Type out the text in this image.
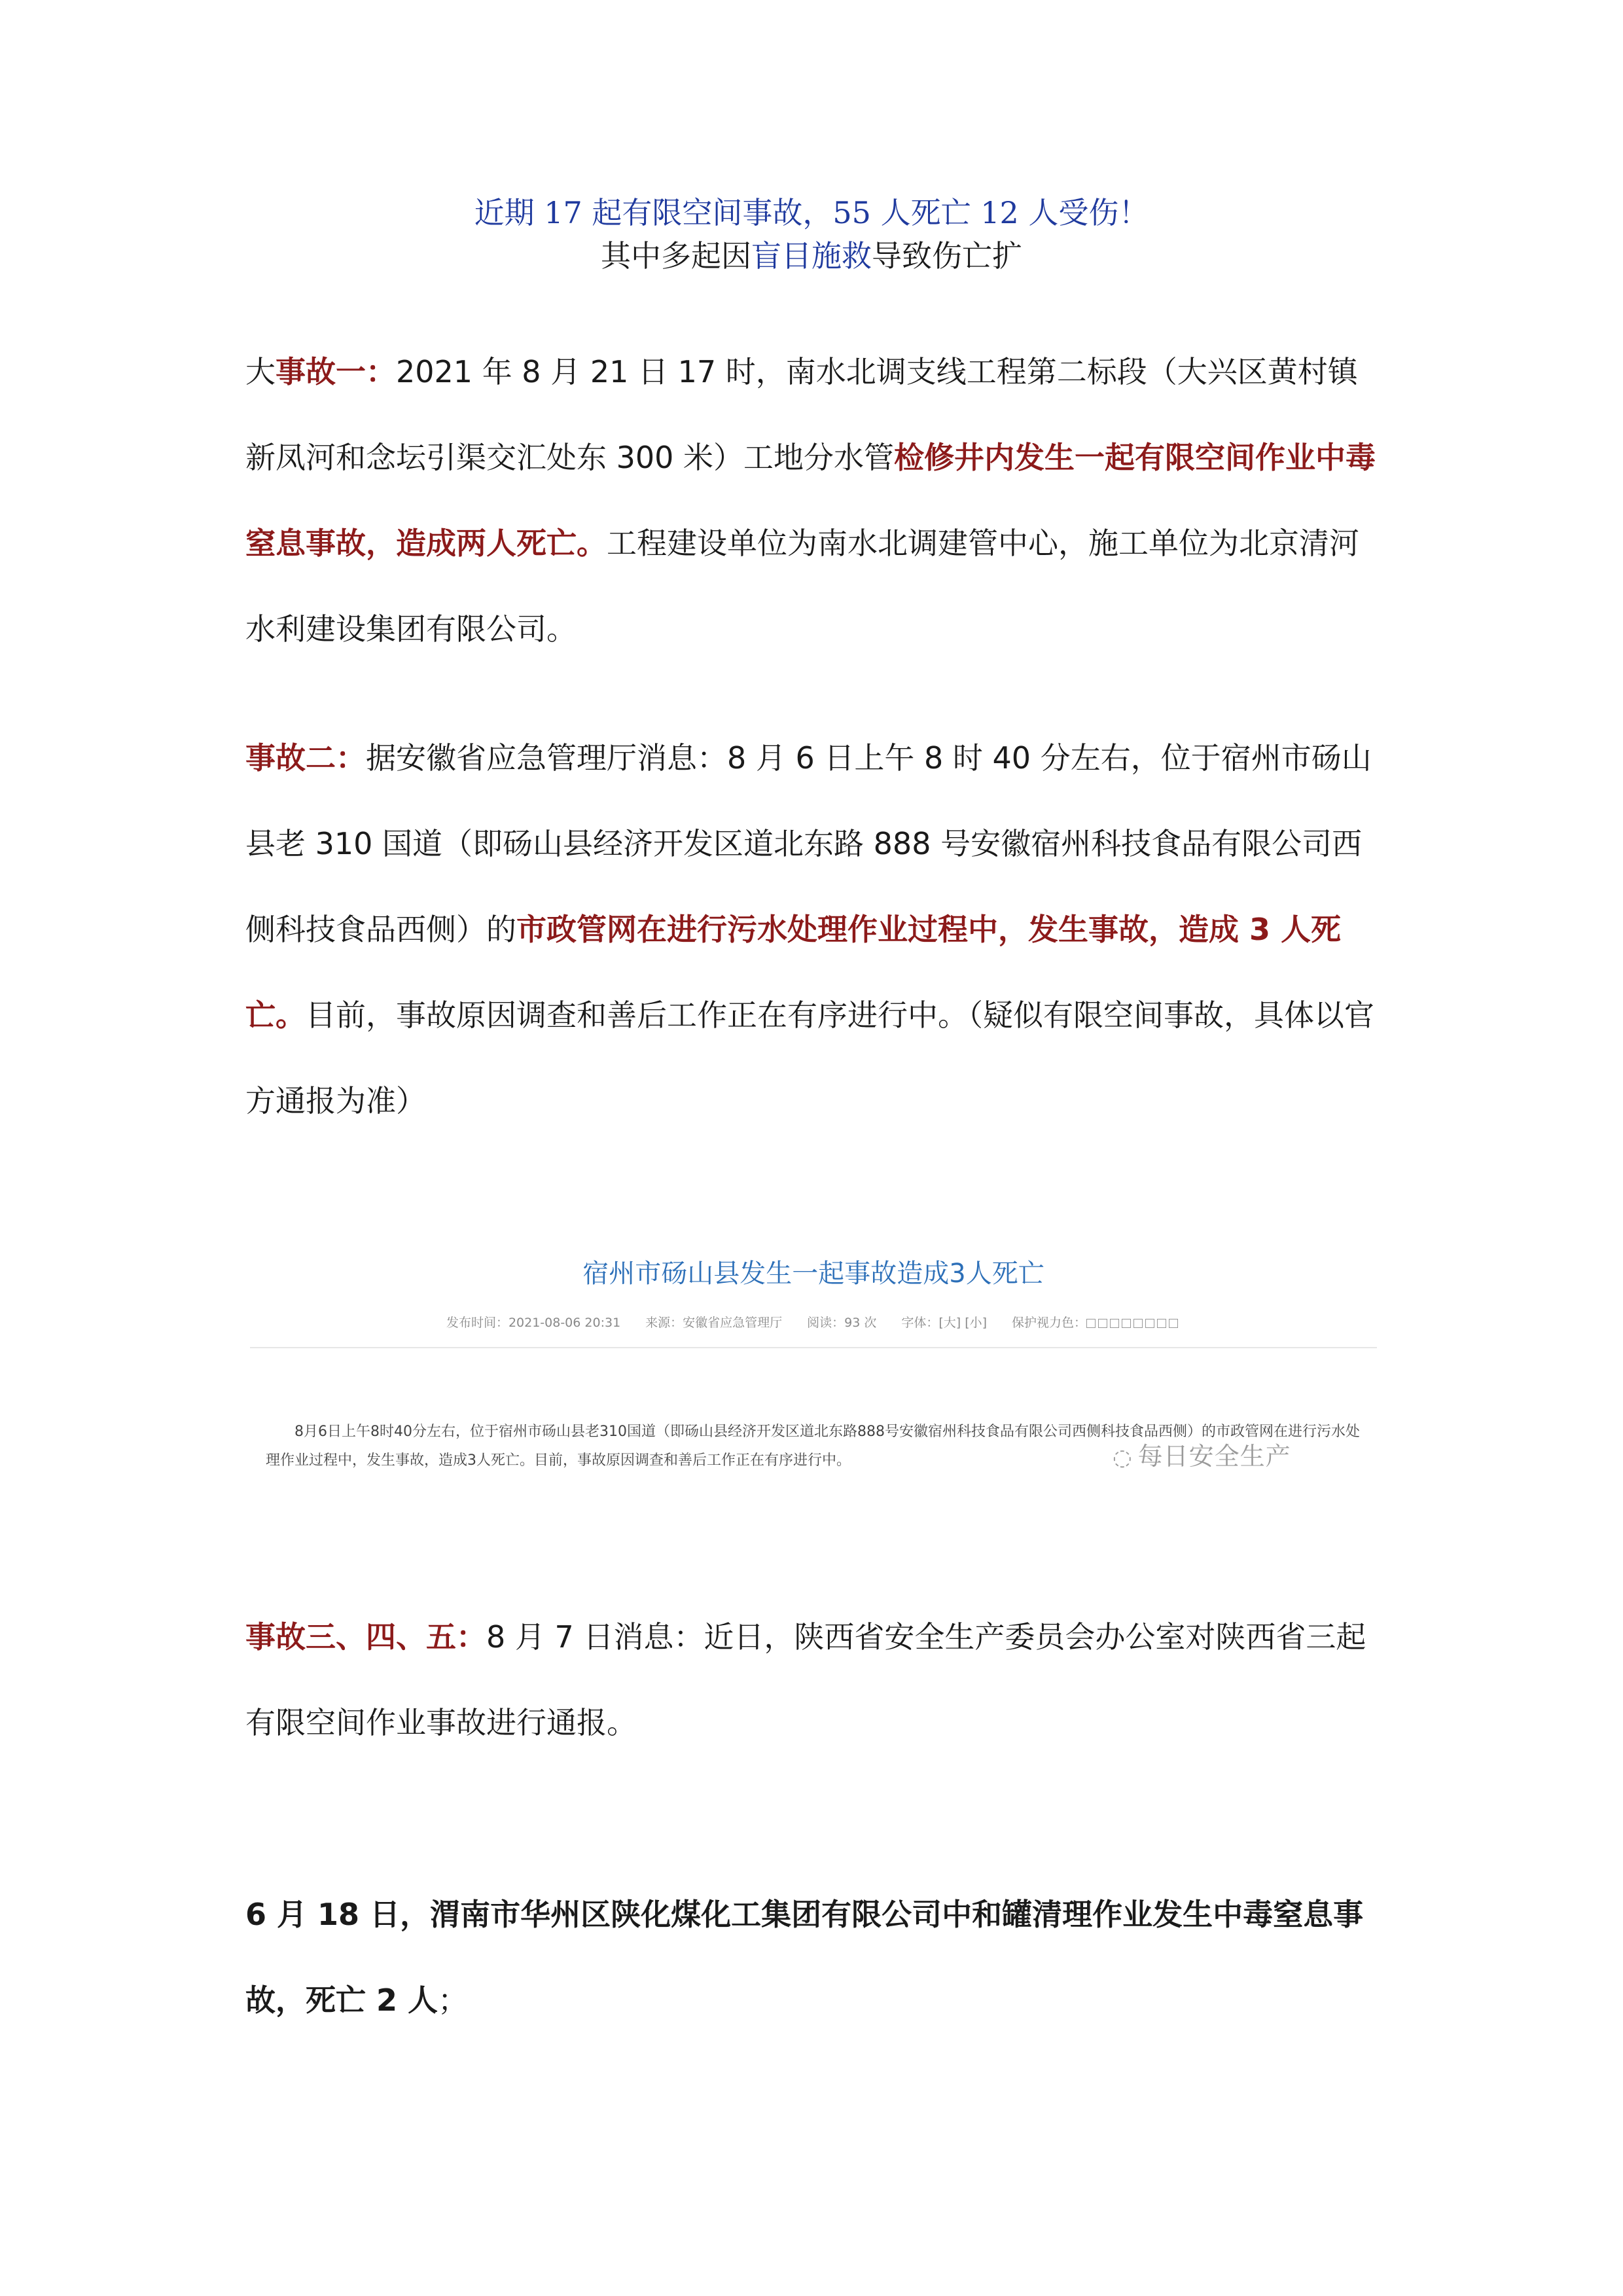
近期 17 起有限空间事故，55 人死亡 12 人受伤！
其中多起因盲目施救导致伤亡扩
大事故一：2021 年 8 月 21 日 17 时，南水北调支线工程第二标段（大兴区黄村镇新凤河和念坛引渠交汇处东 300 米）工地分水管检修井内发生一起有限空间作业中毒窒息事故，造成两人死亡。工程建设单位为南水北调建管中心，施工单位为北京清河水利建设集团有限公司。
事故二：据安徽省应急管理厅消息：8 月 6 日上午 8 时 40 分左右，位于宿州市砀山县老 310 国道（即砀山县经济开发区道北东路 888 号安徽宿州科技食品有限公司西侧科技食品西侧）的市政管网在进行污水处理作业过程中，发生事故，造成 3 人死亡。目前，事故原因调查和善后工作正在有序进行中。（疑似有限空间事故，具体以官方通报为准）
宿州市砀山县发生一起事故造成3人死亡
发布时间：2021-08-06 20:31　　来源：安徽省应急管理厅　　阅读：93 次　　字体：[大] [小]　　保护视力色：
8月6日上午8时40分左右，位于宿州市砀山县老310国道（即砀山县经济开发区道北东路888号安徽宿州科技食品有限公司西侧科技食品西侧）的市政管网在进行污水处理作业过程中，发生事故，造成3人死亡。目前，事故原因调查和善后工作正在有序进行中。	◌ 每日安全生产
事故三、四、五：8 月 7 日消息：近日，陕西省安全生产委员会办公室对陕西省三起有限空间作业事故进行通报。
6 月 18 日，渭南市华州区陕化煤化工集团有限公司中和罐清理作业发生中毒窒息事故，死亡 2 人；
